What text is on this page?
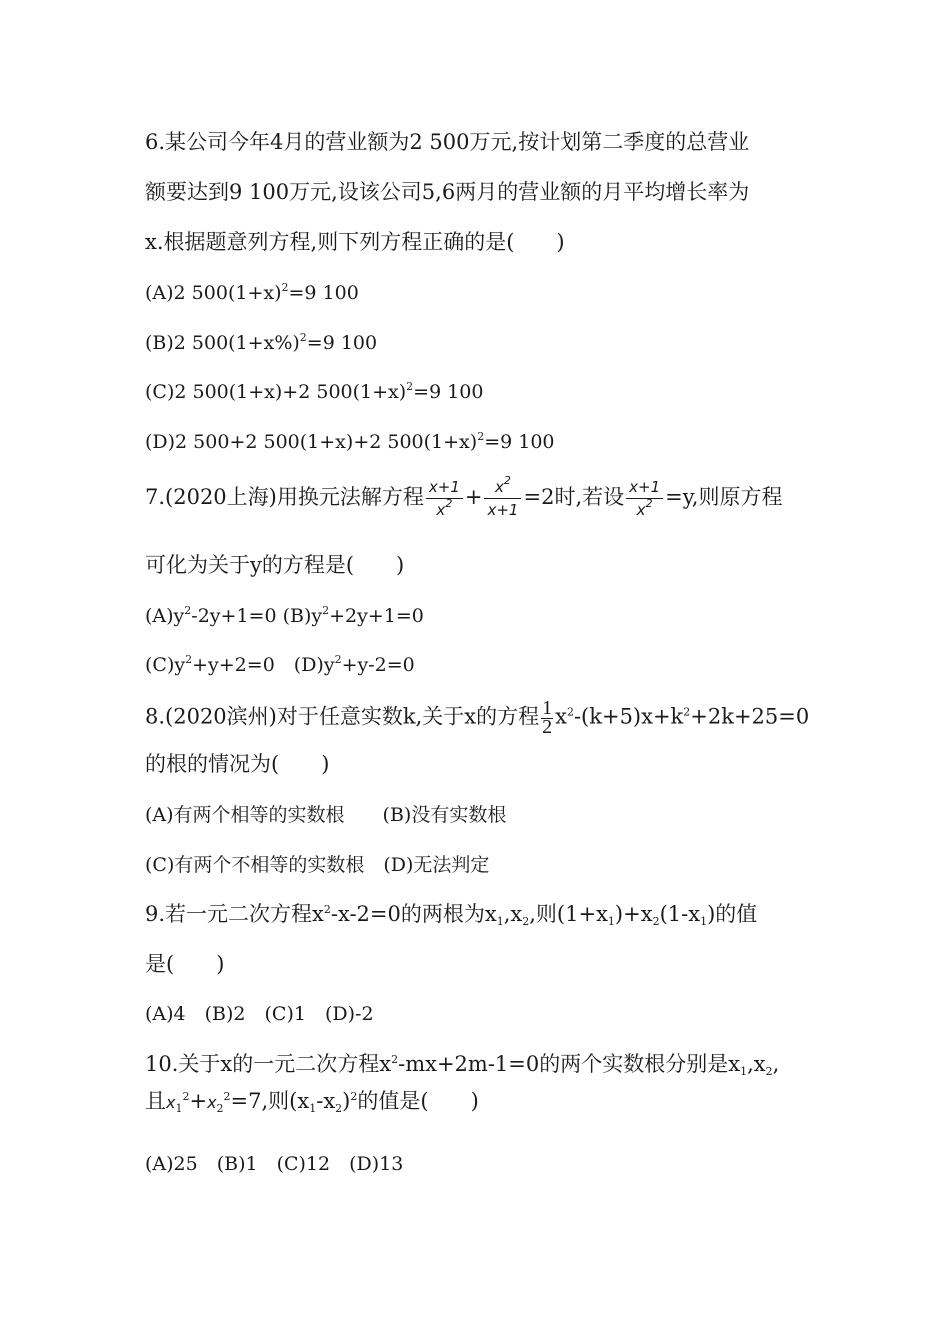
6.某公司今年4月的营业额为2 500万元,按计划第二季度的总营业
额要达到9 100万元,设该公司5,6两月的营业额的月平均增长率为
x.根据题意列方程,则下列方程正确的是(　　)
(A)2 $500(1+x)^2=9$ 100
(B)2 $500(1+x\%)^2=9$ 100
(C)2 500(1+x)+2 $500(1+x)^2=9$ 100
(D)2 500+2 500(1+x)+2 $500(1+x)^2=9$ 100
7.(2020上海)用换元法解方程 $\frac{x+1}{x^2} + \frac{x^2}{x+1} =2$时,若设 $\frac{x+1}{x^2} =y$,则原方程
可化为关于y的方程是(　　)
$(A)y^2-2y+1=0$ $(B)y^2+2y+1=0$
$(C)y^2+y+2=0$　$(D)y^2+y-2=0$
8.(2020滨州)对于任意实数k,关于x的方程 $\frac{1}{2} x^2-(k+5)x+k^2+2k+25=0$
的根的情况为(　　)
(A)有两个相等的实数根　　(B)没有实数根
(C)有两个不相等的实数根　(D)无法判定
9.若一元二次方程$x^2-x-2=0$的两根为$x_1,x_2$,则$(1+x_1)+x_2(1-x_1)$的值
是(　　)
(A)4　(B)2　(C)1　(D)-2
10.关于x的一元二次方程$x^2-mx+2m-1=0$的两个实数根分别是$x_1,x_2$,
且$x_1^2+x_2^2=7$,则$(x_1-x_2)^2$的值是(　　)
(A)25　(B)1　(C)12　(D)13
